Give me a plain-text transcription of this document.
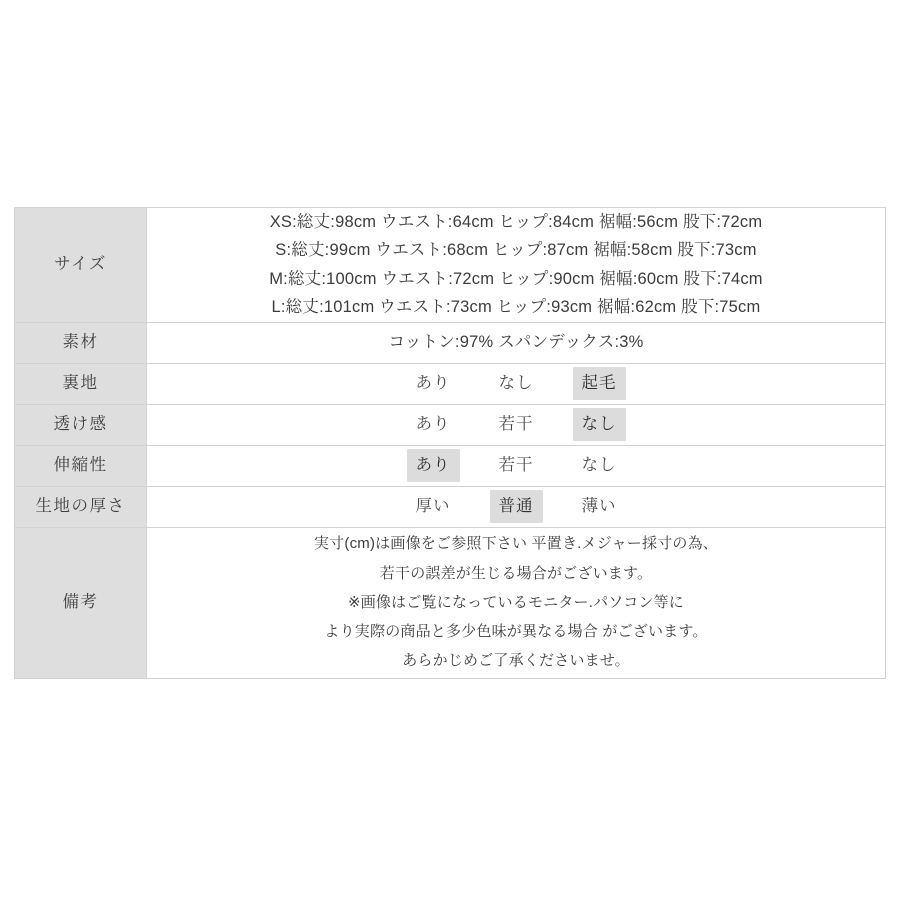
サイズ	XS:総丈:98cm ウエスト:64cm ヒップ:84cm 裾幅:56cm 股下:72cm
S:総丈:99cm ウエスト:68cm ヒップ:87cm 裾幅:58cm 股下:73cm
M:総丈:100cm ウエスト:72cm ヒップ:90cm 裾幅:60cm 股下:74cm
L:総丈:101cm ウエスト:73cm ヒップ:93cm 裾幅:62cm 股下:75cm

素材	コットン:97% スパンデックス:3%

裏地	あり なし 起毛

透け感	あり 若干 なし

伸縮性	あり 若干 なし

生地の厚さ	厚い 普通 薄い

備考	実寸(cm)は画像をご参照下さい 平置き.メジャー採寸の為、
若干の誤差が生じる場合がございます。
※画像はご覧になっているモニター.パソコン等に
より実際の商品と多少色味が異なる場合 がございます。
あらかじめご了承くださいませ。
